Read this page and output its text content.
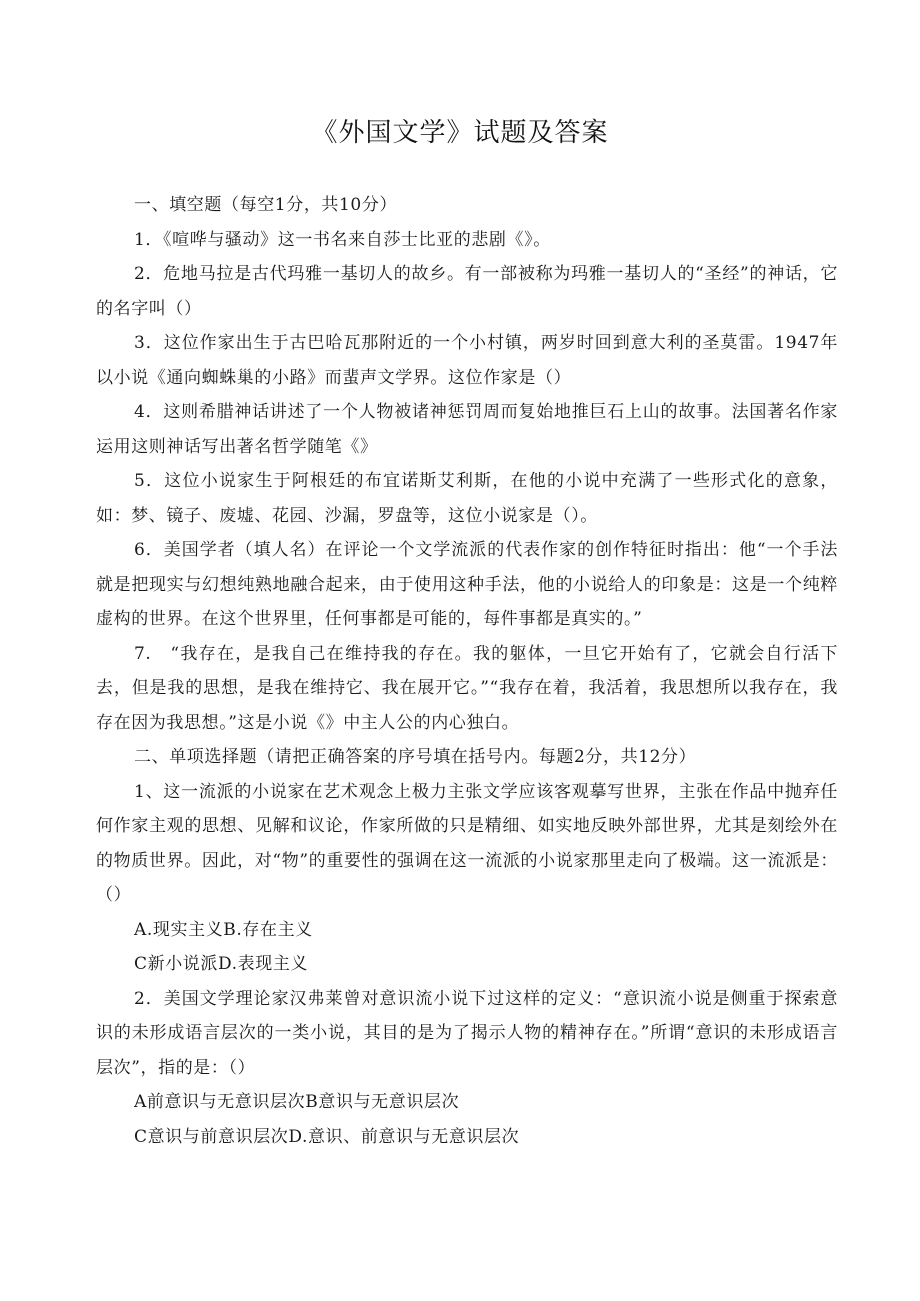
《外国文学》试题及答案

一、填空题（每空1分，共10分）

1．《喧哗与骚动》这一书名来自莎士比亚的悲剧《》。

2．危地马拉是古代玛雅一基切人的故乡。有一部被称为玛雅一基切人的“圣经”的神话，它的名字叫（）

3．这位作家出生于古巴哈瓦那附近的一个小村镇，两岁时回到意大利的圣莫雷。1947年以小说《通向蜘蛛巢的小路》而蜚声文学界。这位作家是（）

4．这则希腊神话讲述了一个人物被诸神惩罚周而复始地推巨石上山的故事。法国著名作家运用这则神话写出著名哲学随笔《》

5．这位小说家生于阿根廷的布宜诺斯艾利斯，在他的小说中充满了一些形式化的意象，如：梦、镜子、废墟、花园、沙漏，罗盘等，这位小说家是（）。

6．美国学者（填人名）在评论一个文学流派的代表作家的创作特征时指出：他“一个手法就是把现实与幻想纯熟地融合起来，由于使用这种手法，他的小说给人的印象是：这是一个纯粹虚构的世界。在这个世界里，任何事都是可能的，每件事都是真实的。”

7.　“我存在，是我自己在维持我的存在。我的躯体，一旦它开始有了，它就会自行活下去，但是我的思想，是我在维持它、我在展开它。”“我存在着，我活着，我思想所以我存在，我存在因为我思想。”这是小说《》中主人公的内心独白。

二、单项选择题（请把正确答案的序号填在括号内。每题2分，共12分）

1、这一流派的小说家在艺术观念上极力主张文学应该客观摹写世界，主张在作品中抛弃任何作家主观的思想、见解和议论，作家所做的只是精细、如实地反映外部世界，尤其是刻绘外在的物质世界。因此，对“物”的重要性的强调在这一流派的小说家那里走向了极端。这一流派是：（）

A.现实主义B.存在主义

C新小说派D.表现主义

2．美国文学理论家汉弗莱曾对意识流小说下过这样的定义：“意识流小说是侧重于探索意识的未形成语言层次的一类小说，其目的是为了揭示人物的精神存在。”所谓“意识的未形成语言层次”，指的是：（）

A前意识与无意识层次B意识与无意识层次

C意识与前意识层次D.意识、前意识与无意识层次
